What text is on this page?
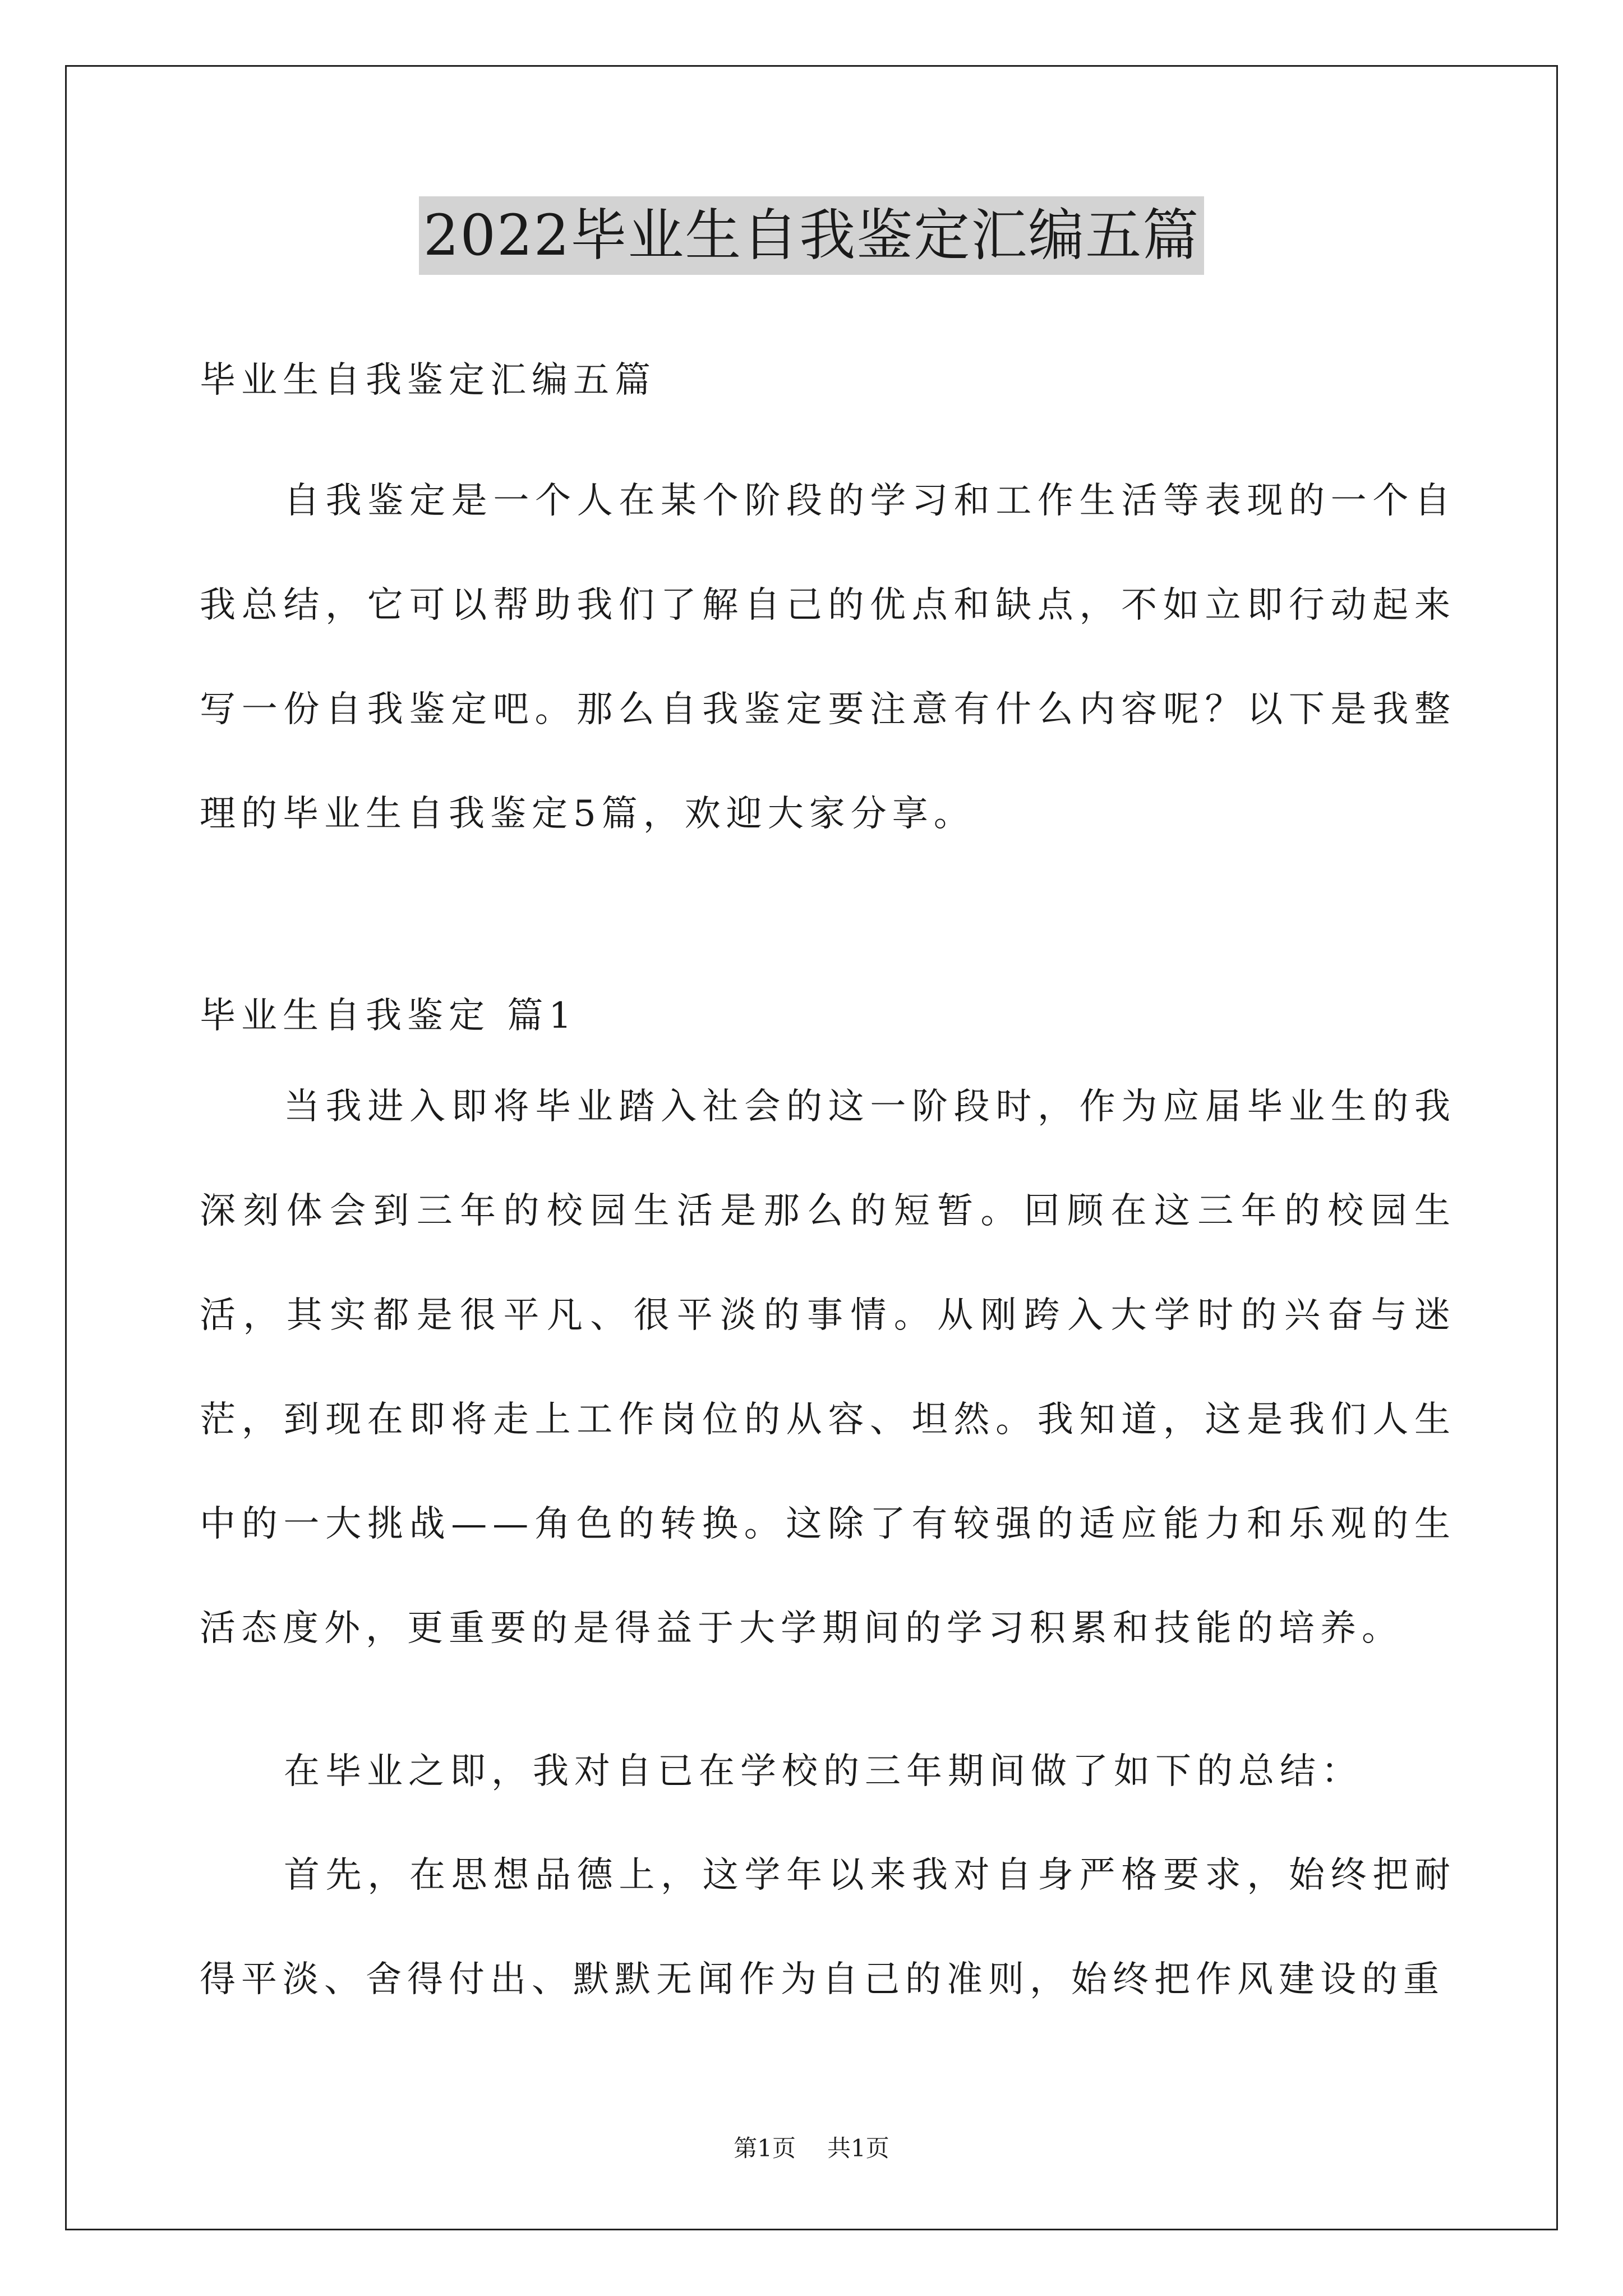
2022毕业生自我鉴定汇编五篇
毕业生自我鉴定汇编五篇

自我鉴定是一个人在某个阶段的学习和工作生活等表现的一个自我总结，它可以帮助我们了解自己的优点和缺点，不如立即行动起来写一份自我鉴定吧。那么自我鉴定要注意有什么内容呢？以下是我整理的毕业生自我鉴定5篇，欢迎大家分享。

毕业生自我鉴定 篇1

当我进入即将毕业踏入社会的这一阶段时，作为应届毕业生的我深刻体会到三年的校园生活是那么的短暂。回顾在这三年的校园生活，其实都是很平凡、很平淡的事情。从刚跨入大学时的兴奋与迷茫，到现在即将走上工作岗位的从容、坦然。我知道，这是我们人生中的一大挑战——角色的转换。这除了有较强的适应能力和乐观的生活态度外，更重要的是得益于大学期间的学习积累和技能的培养。

在毕业之即，我对自已在学校的三年期间做了如下的总结：

首先，在思想品德上，这学年以来我对自身严格要求，始终把耐得平淡、舍得付出、默默无闻作为自己的准则，始终把作风建设的重

第1页 共1页
